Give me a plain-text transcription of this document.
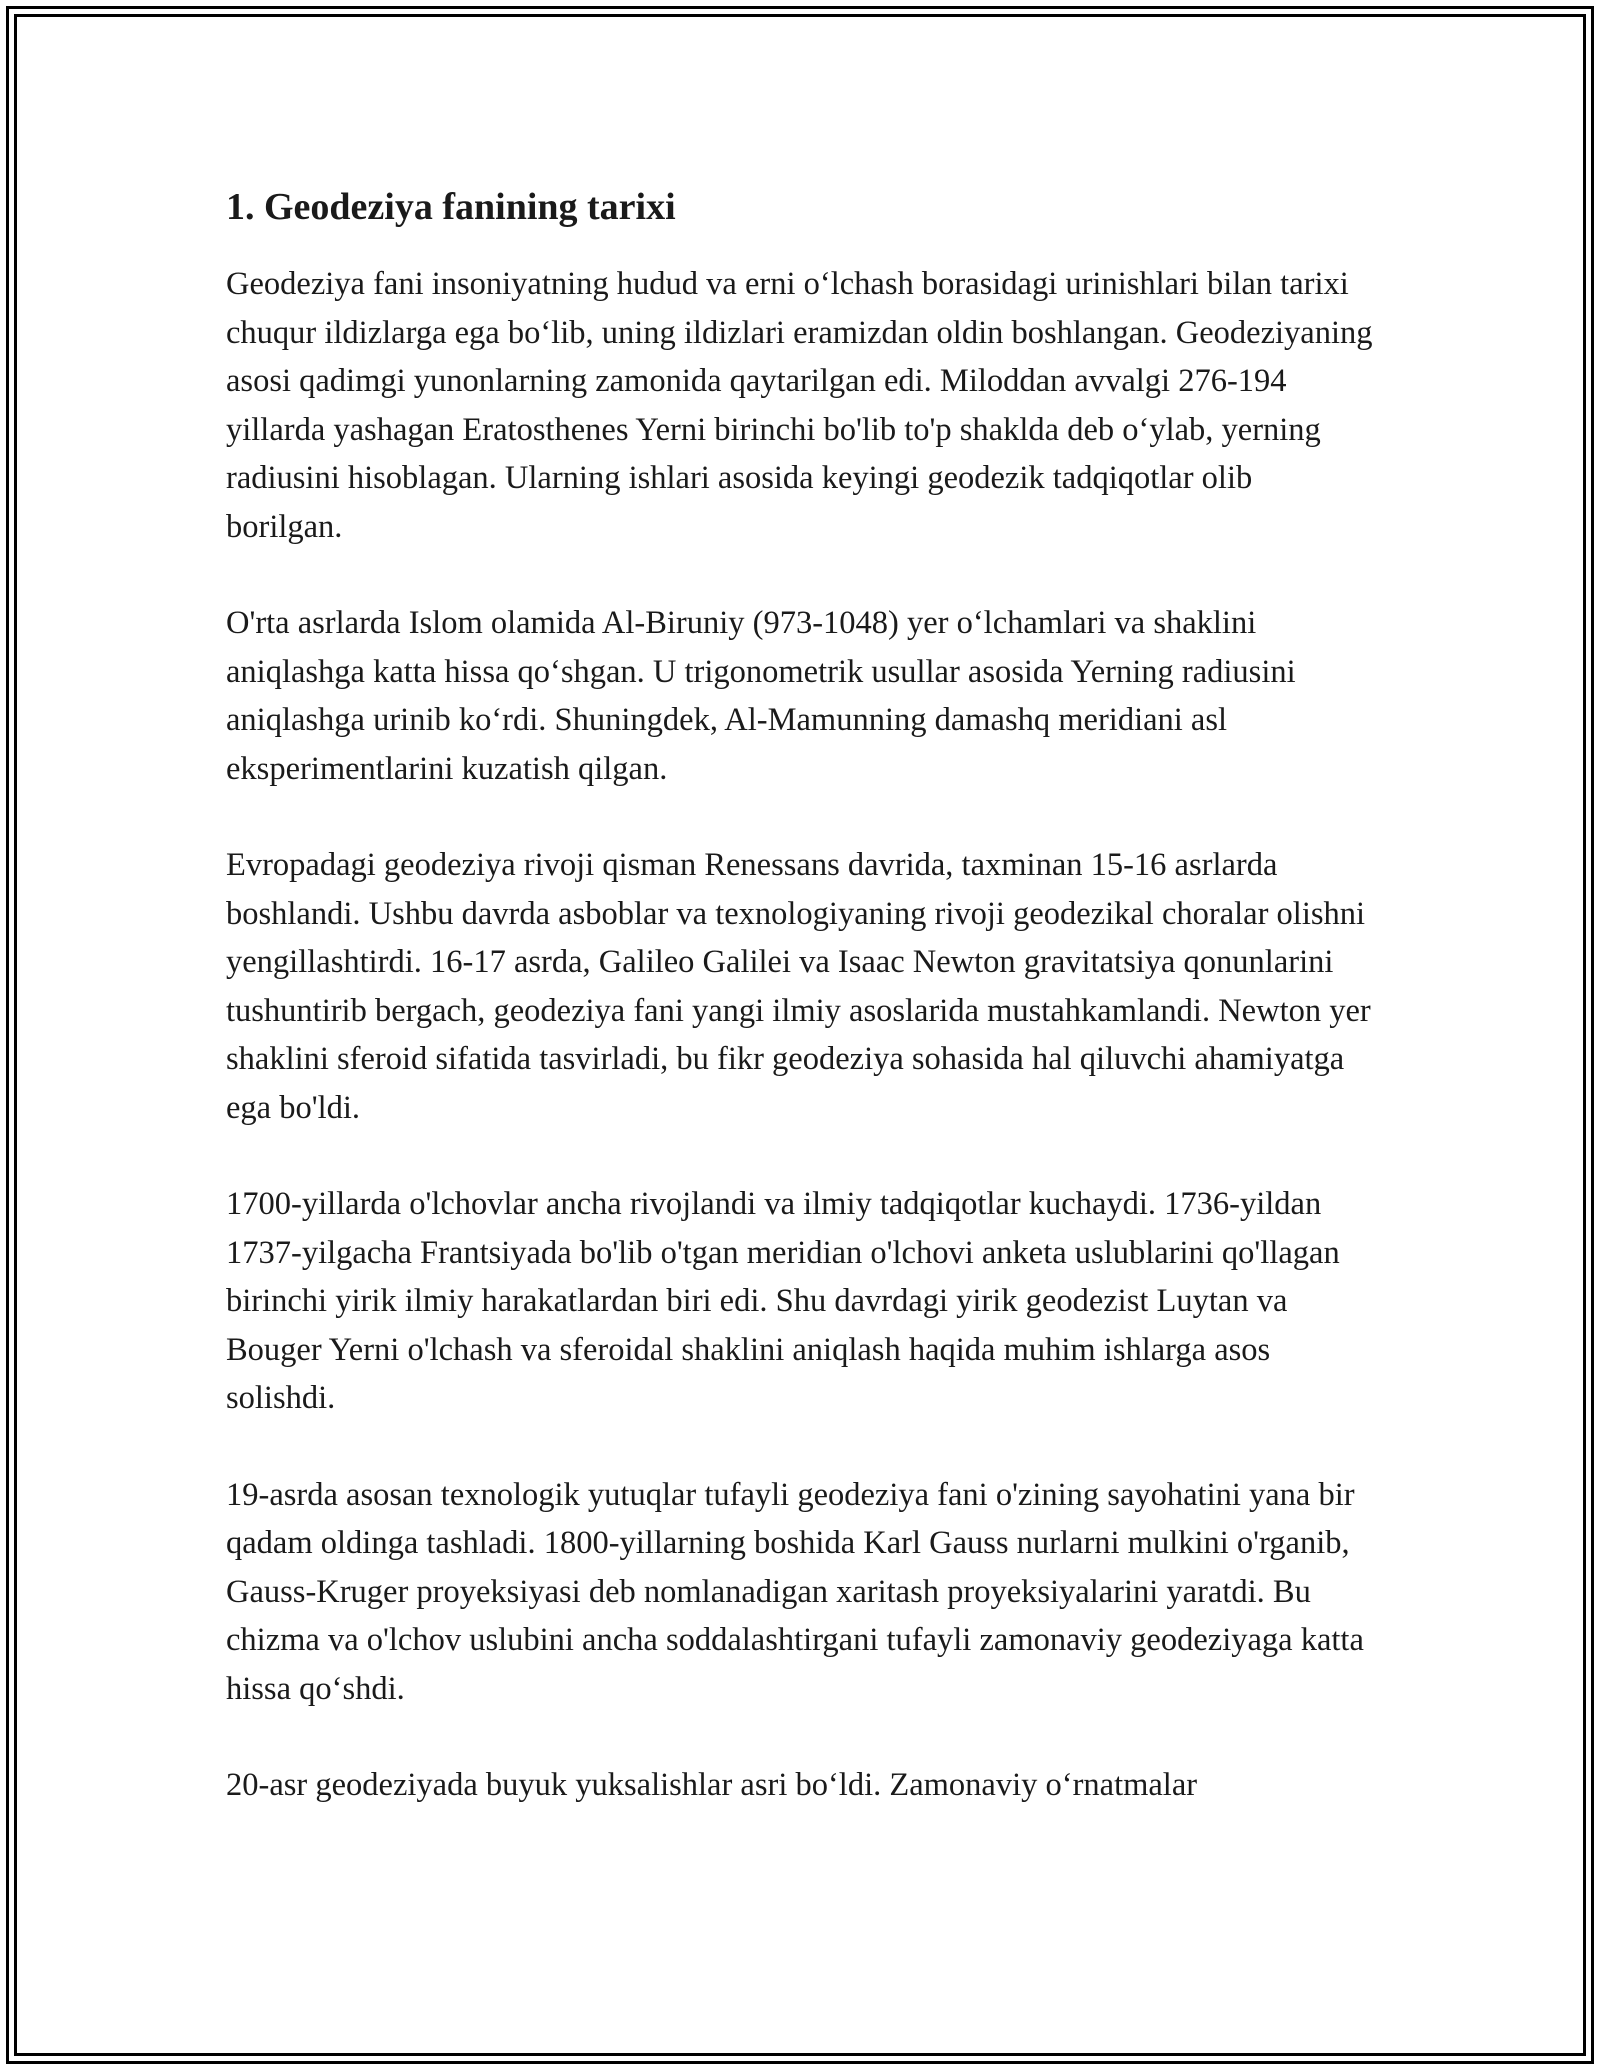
1. Geodeziya fanining tarixi

Geodeziya fani insoniyatning hudud va erni o‘lchash borasidagi urinishlari bilan tarixi chuqur ildizlarga ega bo‘lib, uning ildizlari eramizdan oldin boshlangan. Geodeziyaning asosi qadimgi yunonlarning zamonida qaytarilgan edi. Miloddan avvalgi 276-194 yillarda yashagan Eratosthenes Yerni birinchi bo'lib to'p shaklda deb o‘ylab, yerning radiusini hisoblagan. Ularning ishlari asosida keyingi geodezik tadqiqotlar olib borilgan.

O'rta asrlarda Islom olamida Al-Biruniy (973-1048) yer o‘lchamlari va shaklini aniqlashga katta hissa qo‘shgan. U trigonometrik usullar asosida Yerning radiusini aniqlashga urinib ko‘rdi. Shuningdek, Al-Mamunning damashq meridiani asl eksperimentlarini kuzatish qilgan.

Evropadagi geodeziya rivoji qisman Renessans davrida, taxminan 15-16 asrlarda boshlandi. Ushbu davrda asboblar va texnologiyaning rivoji geodezikal choralar olishni yengillashtirdi. 16-17 asrda, Galileo Galilei va Isaac Newton gravitatsiya qonunlarini tushuntirib bergach, geodeziya fani yangi ilmiy asoslarida mustahkamlandi. Newton yer shaklini sferoid sifatida tasvirladi, bu fikr geodeziya sohasida hal qiluvchi ahamiyatga ega bo'ldi.

1700-yillarda o'lchovlar ancha rivojlandi va ilmiy tadqiqotlar kuchaydi. 1736-yildan 1737-yilgacha Frantsiyada bo'lib o'tgan meridian o'lchovi anketa uslublarini qo'llagan birinchi yirik ilmiy harakatlardan biri edi. Shu davrdagi yirik geodezist Luytan va Bouger Yerni o'lchash va sferoidal shaklini aniqlash haqida muhim ishlarga asos solishdi.

19-asrda asosan texnologik yutuqlar tufayli geodeziya fani o'zining sayohatini yana bir qadam oldinga tashladi. 1800-yillarning boshida Karl Gauss nurlarni mulkini o'rganib, Gauss-Kruger proyeksiyasi deb nomlanadigan xaritash proyeksiyalarini yaratdi. Bu chizma va o'lchov uslubini ancha soddalashtirgani tufayli zamonaviy geodeziyaga katta hissa qo‘shdi.

20-asr geodeziyada buyuk yuksalishlar asri bo‘ldi. Zamonaviy o‘rnatmalar
